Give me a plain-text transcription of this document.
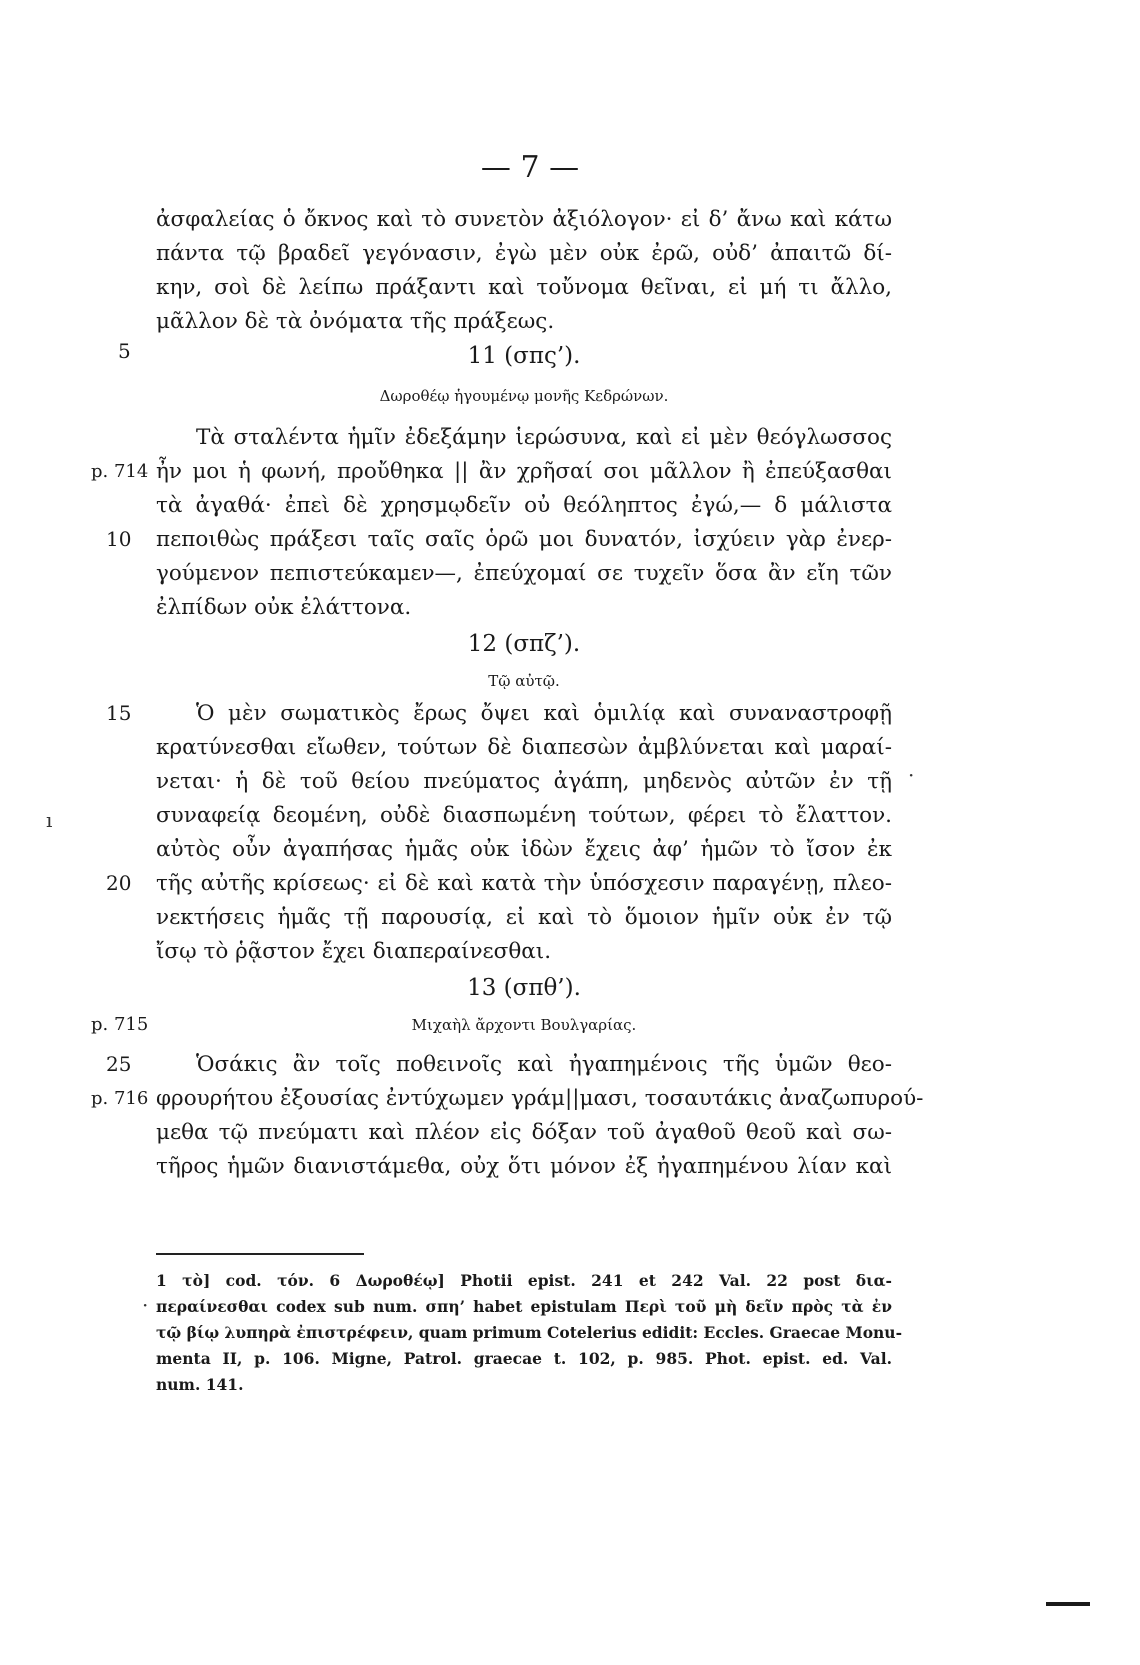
— 7 —
ἀσφαλείας ὁ ὄκνος καὶ τὸ συνετὸν ἀξιόλογον· εἰ δ’ ἄνω καὶ κάτω
πάντα τῷ βραδεῖ γεγόνασιν, ἐγὼ μὲν οὐκ ἐρῶ, οὐδ’ ἀπαιτῶ δί-
κην, σοὶ δὲ λείπω πράξαντι καὶ τοὔνομα θεῖναι, εἰ μή τι ἄλλο,
μᾶλλον δὲ τὰ ὀνόματα τῆς πράξεως.
5	11 (σπς’).
Δωροθέῳ ἡγουμένῳ μονῆς Κεδρώνων.
Τὰ σταλέντα ἡμῖν ἐδεξάμην ἱερώσυνα, καὶ εἰ μὲν θεόγλωσσος
p. 714 ἦν μοι ἡ φωνή, προὔθηκα || ἂν χρῆσαί σοι μᾶλλον ἢ ἐπεύξασθαι
τὰ ἀγαθά· ἐπεὶ δὲ χρησμῳδεῖν οὐ θεόληπτος ἐγώ,— δ μάλιστα
10 πεποιθὼς πράξεσι ταῖς σαῖς ὁρῶ μοι δυνατόν, ἰσχύειν γὰρ ἐνερ-
γούμενον πεπιστεύκαμεν—, ἐπεύχομαί σε τυχεῖν ὅσα ἂν εἴη τῶν
ἐλπίδων οὐκ ἐλάττονα.
12 (σπζ’).
Τῷ αὐτῷ.
15	Ὁ μὲν σωματικὸς ἔρως ὄψει καὶ ὁμιλίᾳ καὶ συναναστροφῇ
κρατύνεσθαι εἴωθεν, τούτων δὲ διαπεσὼν ἀμβλύνεται καὶ μαραί-
νεται· ἡ δὲ τοῦ θείου πνεύματος ἀγάπη, μηδενὸς αὐτῶν ἐν τῇ
συναφείᾳ δεομένη, οὐδὲ διασπωμένη τούτων, φέρει τὸ ἔλαττον.
αὐτὸς οὖν ἀγαπήσας ἡμᾶς οὐκ ἰδὼν ἔχεις ἀφ’ ἡμῶν τὸ ἴσον ἐκ
20 τῆς αὐτῆς κρίσεως· εἰ δὲ καὶ κατὰ τὴν ὑπόσχεσιν παραγένῃ, πλεο-
νεκτήσεις ἡμᾶς τῇ παρουσίᾳ, εἰ καὶ τὸ ὅμοιον ἡμῖν οὐκ ἐν τῷ
ἴσῳ τὸ ῥᾷστον ἔχει διαπεραίνεσθαι.
13 (σπθ’).
p. 715	Μιχαὴλ ἄρχοντι Βουλγαρίας.
25	Ὁσάκις ἂν τοῖς ποθεινοῖς καὶ ἠγαπημένοις τῆς ὑμῶν θεο-
p. 716 φρουρήτου ἐξουσίας ἐντύχωμεν γράμ||μασι, τοσαυτάκις ἀναζωπυρού-
μεθα τῷ πνεύματι καὶ πλέον εἰς δόξαν τοῦ ἀγαθοῦ θεοῦ καὶ σω-
τῆρος ἡμῶν διανιστάμεθα, οὐχ ὅτι μόνον ἐξ ἠγαπημένου λίαν καὶ
1 τὸ] cod. τόν. 6 Δωροθέῳ] Photii epist. 241 et 242 Val. 22 post δια-
περαίνεσθαι codex sub num. σπη’ habet epistulam Περὶ τοῦ μὴ δεῖν πρὸς τὰ ἐν
τῷ βίῳ λυπηρὰ ἐπιστρέφειν, quam primum Cotelerius edidit: Eccles. Graecae Monu-
menta II, p. 106. Migne, Patrol. graecae t. 102, p. 985. Phot. epist. ed. Val.
num. 141.
ı
·
·
